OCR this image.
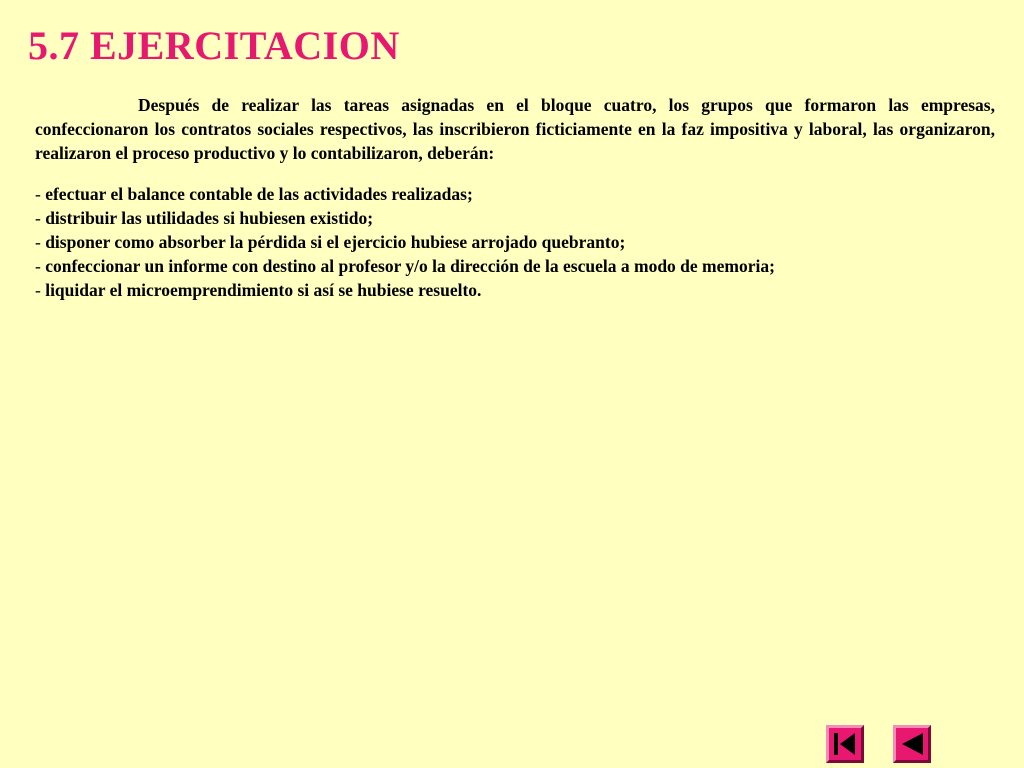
5.7 EJERCITACION

Después de realizar las tareas asignadas en el bloque cuatro, los grupos que formaron las empresas, confeccionaron los contratos sociales respectivos, las inscribieron ficticiamente en la faz impositiva y laboral, las organizaron, realizaron el proceso productivo y lo contabilizaron, deberán:

- efectuar el balance contable de las actividades realizadas;
- distribuir las utilidades si hubiesen existido;
- disponer como absorber la pérdida si el ejercicio hubiese arrojado quebranto;
- confeccionar un informe con destino al profesor y/o la dirección de la escuela a modo de memoria;
- liquidar el microemprendimiento si así se hubiese resuelto.
